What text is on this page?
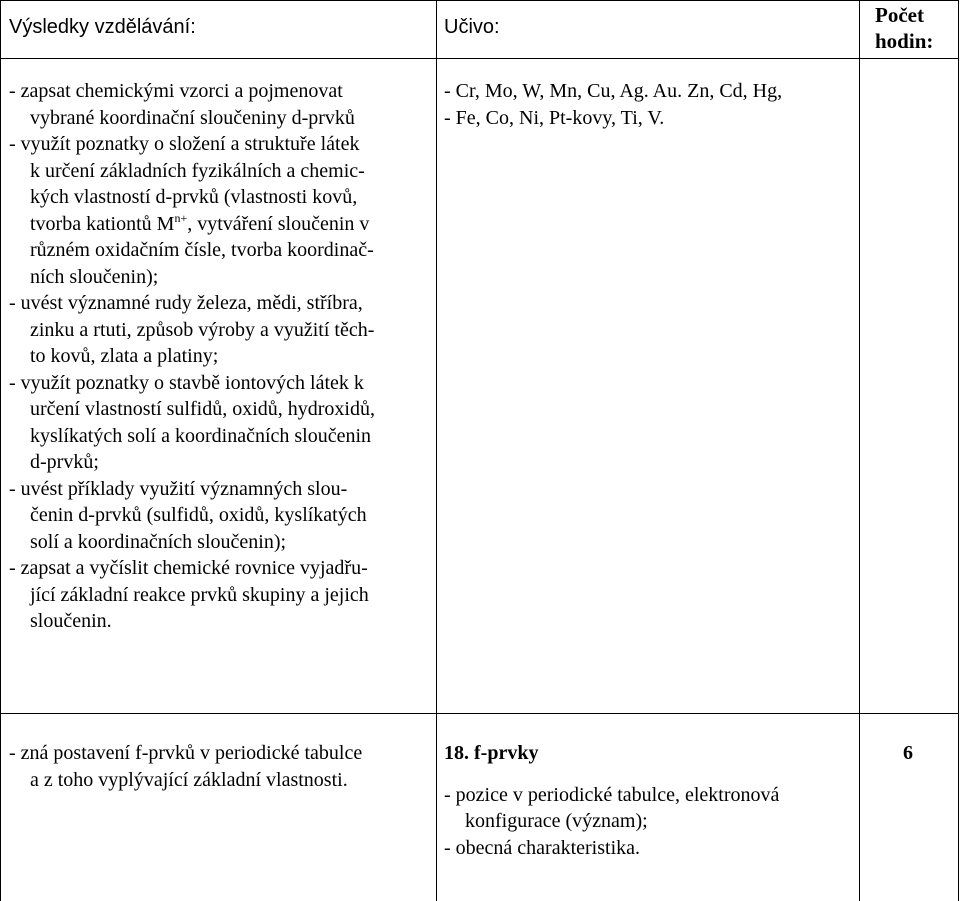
Výsledky vzdělávání:	Učivo:	Počet
hodin:
- zapsat chemickými vzorci a pojmenovat
vybrané koordinační sloučeniny d-prvků
- využít poznatky o složení a struktuře látek
k určení základních fyzikálních a chemic-
kých vlastností d-prvků (vlastnosti kovů,
tvorba kationtů $M^{n+}$, vytváření sloučenin v
různém oxidačním čísle, tvorba koordinač-
ních sloučenin);
- uvést významné rudy železa, mědi, stříbra,
zinku a rtuti, způsob výroby a využití těch-
to kovů, zlata a platiny;
- využít poznatky o stavbě iontových látek k
určení vlastností sulfidů, oxidů, hydroxidů,
kyslíkatých solí a koordinačních sloučenin
d-prvků;
- uvést příklady využití významných slou-
čenin d-prvků (sulfidů, oxidů, kyslíkatých
solí a koordinačních sloučenin);
- zapsat a vyčíslit chemické rovnice vyjadřu-
jící základní reakce prvků skupiny a jejich
sloučenin.
- Cr, Mo, W, Mn, Cu, Ag. Au. Zn, Cd, Hg,
- Fe, Co, Ni, Pt-kovy, Ti, V.
- zná postavení f-prvků v periodické tabulce
a z toho vyplývající základní vlastnosti.
18. f-prvky
- pozice v periodické tabulce, elektronová
konfigurace (význam);
- obecná charakteristika.
6
